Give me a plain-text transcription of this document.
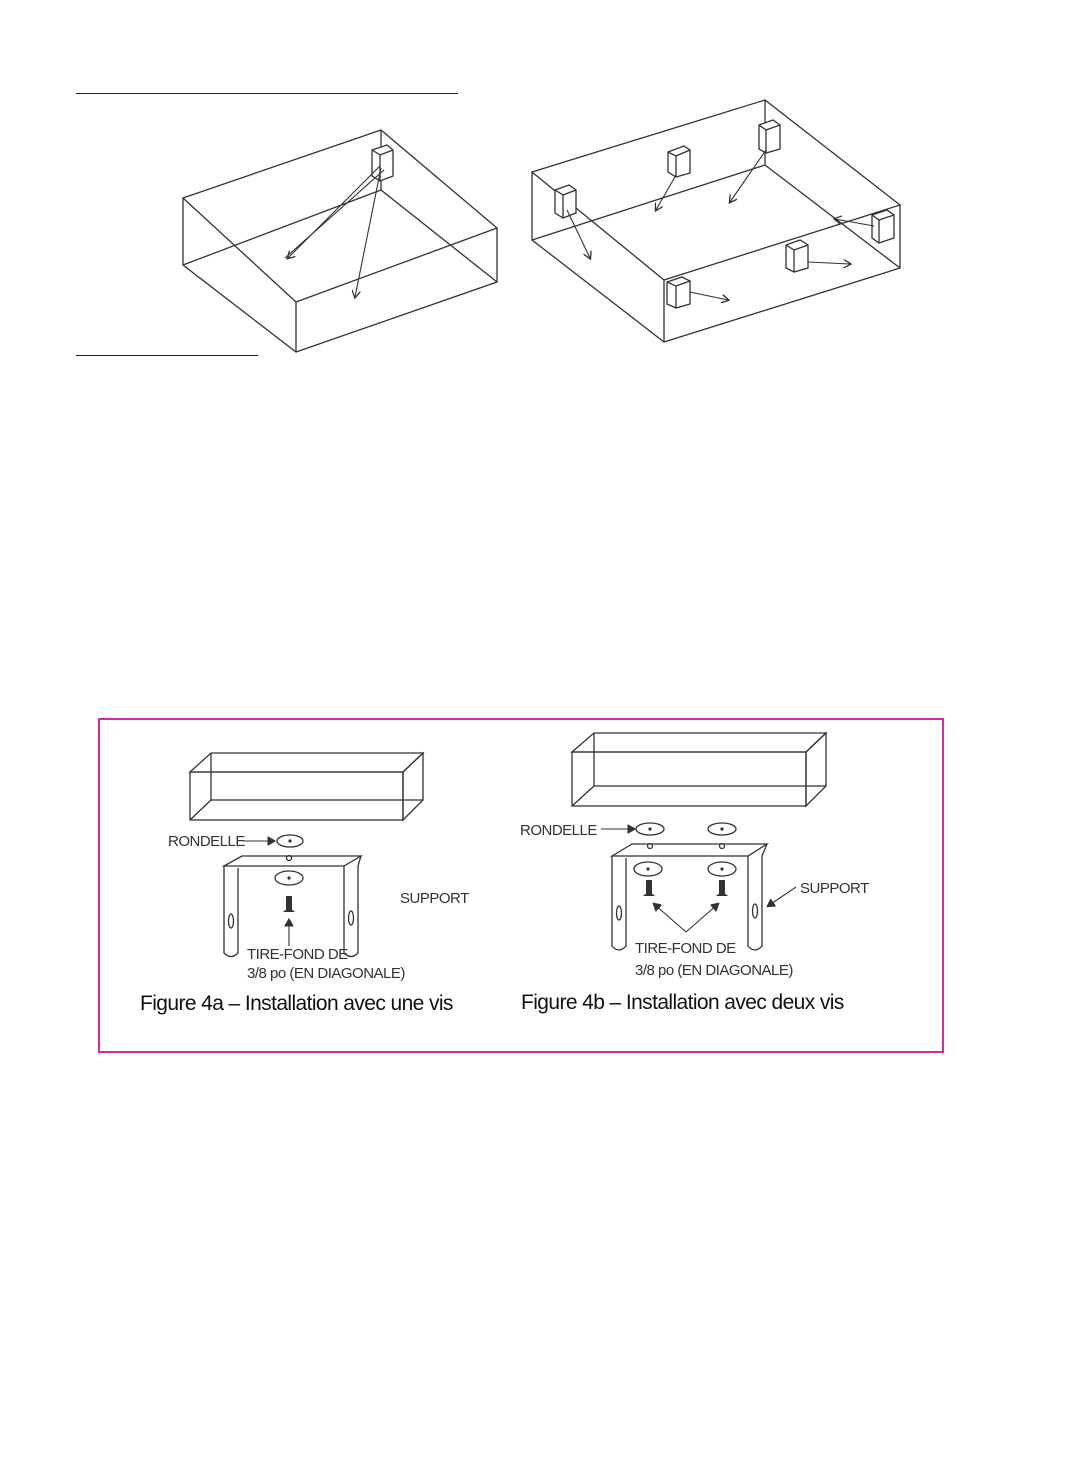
RONDELLE
SUPPORT
TIRE-FOND DE
3/8 po (EN DIAGONALE)
Figure 4a – Installation avec une vis
RONDELLE
SUPPORT
TIRE-FOND DE
3/8 po (EN DIAGONALE)
Figure 4b – Installation avec deux vis
